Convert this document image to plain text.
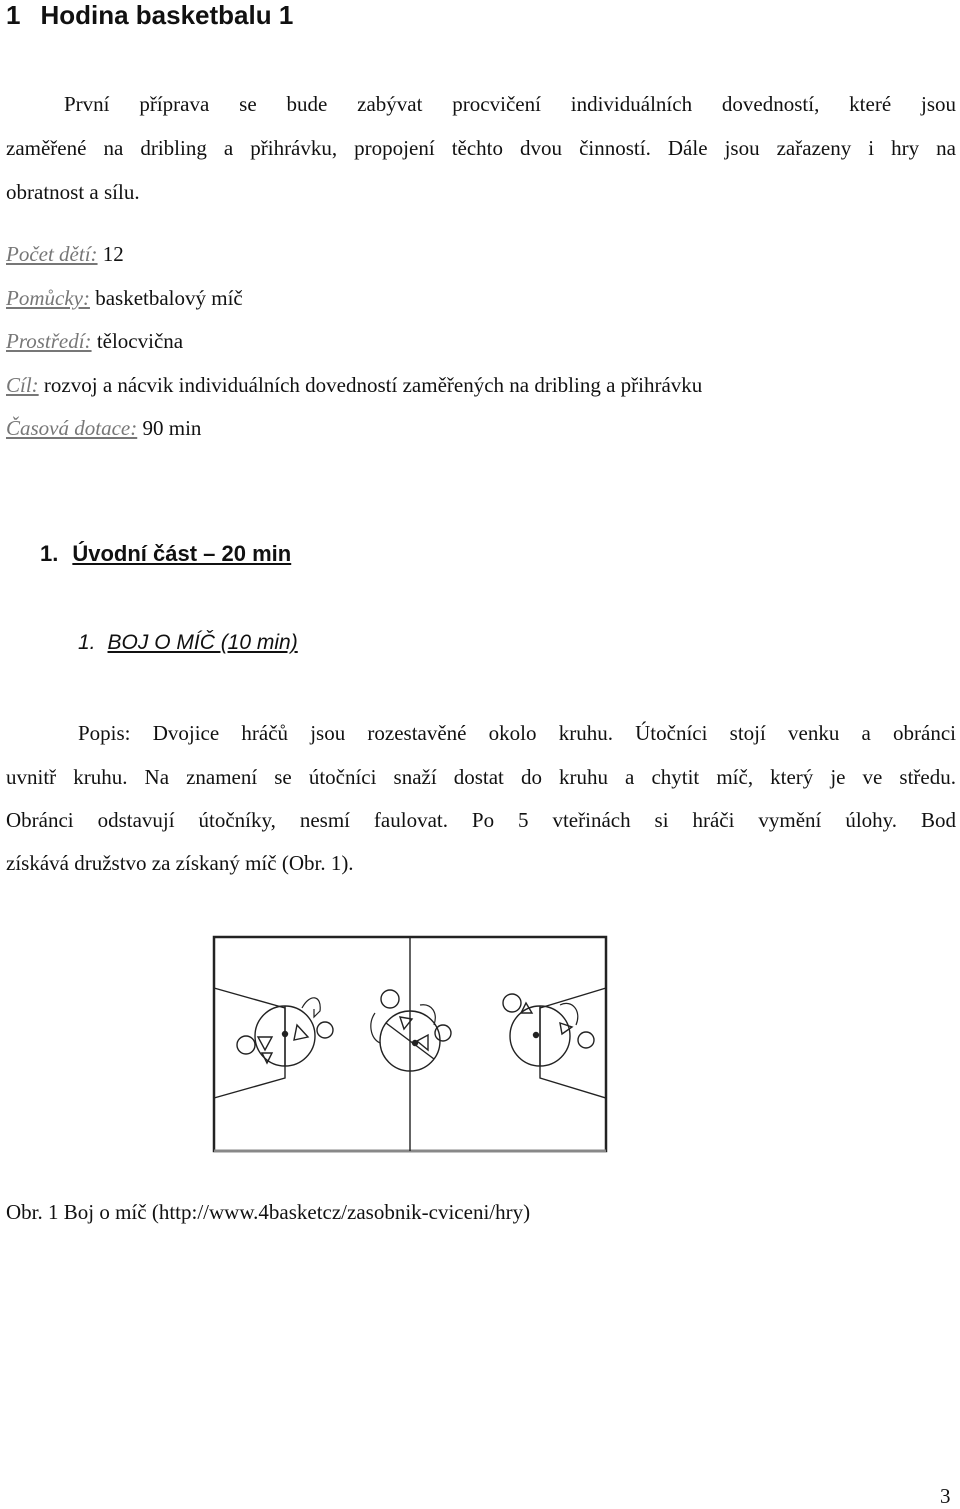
1 Hodina basketbalu 1
První příprava se bude zabývat procvičení individuálních dovedností, které jsou
zaměřené na dribling a přihrávku, propojení těchto dvou činností. Dále jsou zařazeny i hry na
obratnost a sílu.
Počet dětí: 12
Pomůcky: basketbalový míč
Prostředí: tělocvična
Cíl: rozvoj a nácvik individuálních dovedností zaměřených na dribling a přihrávku
Časová dotace: 90 min
1. Úvodní část – 20 min
1. BOJ O MÍČ (10 min)
Popis: Dvojice hráčů jsou rozestavěné okolo kruhu. Útočníci stojí venku a obránci
uvnitř kruhu. Na znamení se útočníci snaží dostat do kruhu a chytit míč, který je ve středu.
Obránci odstavují útočníky, nesmí faulovat. Po 5 vteřinách si hráči vymění úlohy. Bod
získává družstvo za získaný míč (Obr. 1).
Obr. 1 Boj o míč (http://www.4basketcz/zasobnik-cviceni/hry)
3
